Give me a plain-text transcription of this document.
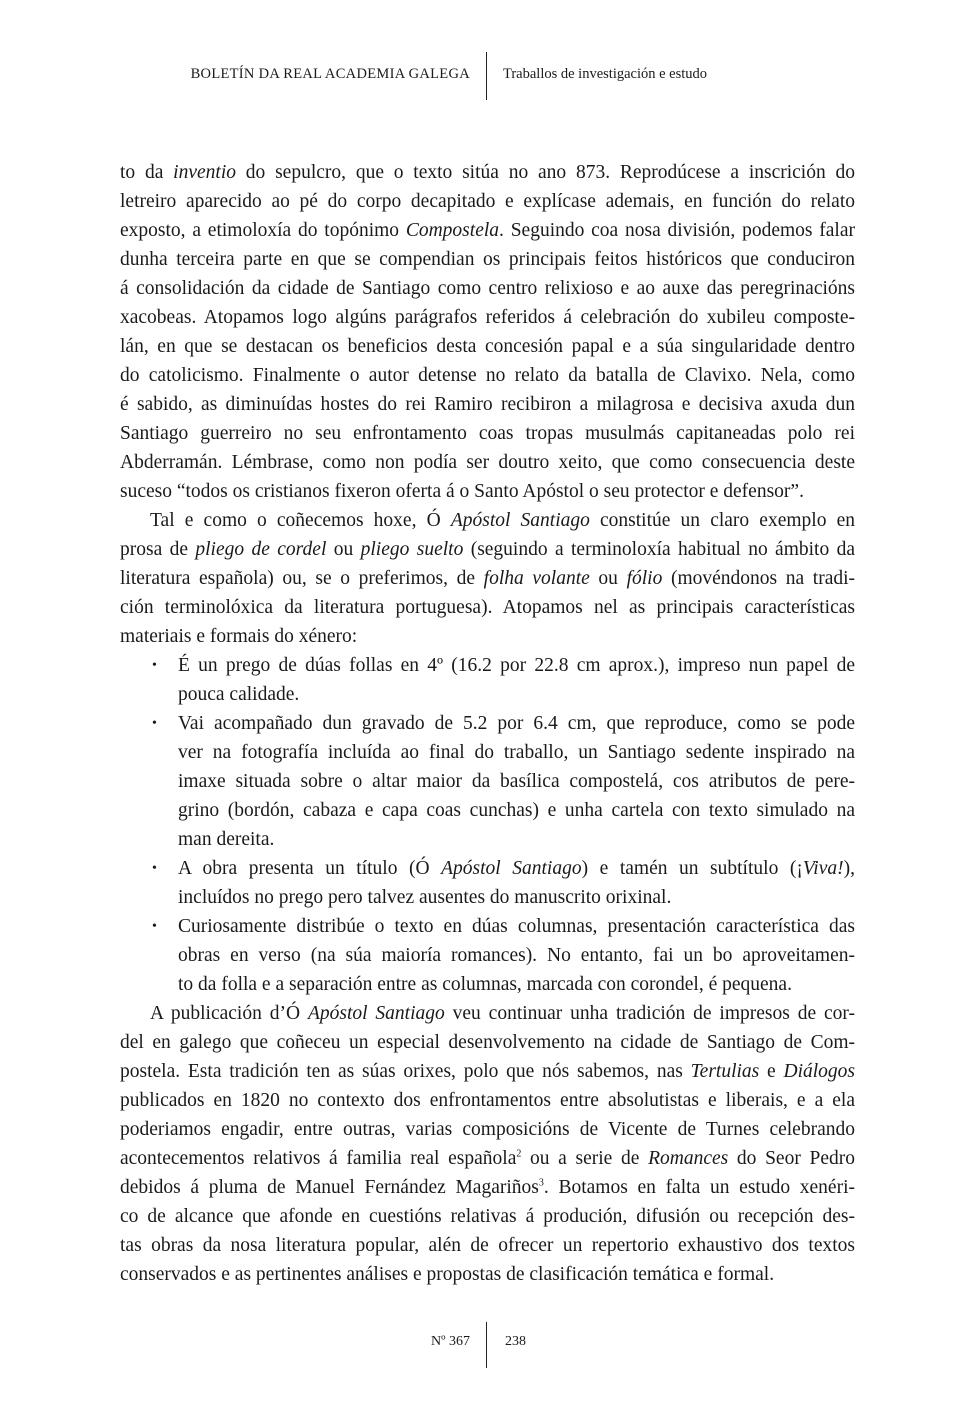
BOLETÍN DA REAL ACADEMIA GALEGA Traballos de investigación e estudo
to da inventio do sepulcro, que o texto sitúa no ano 873. Reprodúcese a inscrición do
letreiro aparecido ao pé do corpo decapitado e explícase ademais, en función do relato
exposto, a etimoloxía do topónimo Compostela. Seguindo coa nosa división, podemos falar
dunha terceira parte en que se compendian os principais feitos históricos que conduciron
á consolidación da cidade de Santiago como centro relixioso e ao auxe das peregrinacións
xacobeas. Atopamos logo algúns parágrafos referidos á celebración do xubileu composte-
lán, en que se destacan os beneficios desta concesión papal e a súa singularidade dentro
do catolicismo. Finalmente o autor detense no relato da batalla de Clavixo. Nela, como
é sabido, as diminuídas hostes do rei Ramiro recibiron a milagrosa e decisiva axuda dun
Santiago guerreiro no seu enfrontamento coas tropas musulmás capitaneadas polo rei
Abderramán. Lémbrase, como non podía ser doutro xeito, que como consecuencia deste
suceso “todos os cristianos fixeron oferta á o Santo Apóstol o seu protector e defensor”.
Tal e como o coñecemos hoxe, Ó Apóstol Santiago constitúe un claro exemplo en
prosa de pliego de cordel ou pliego suelto (seguindo a terminoloxía habitual no ámbito da
literatura española) ou, se o preferimos, de folha volante ou fólio (movéndonos na tradi-
ción terminolóxica da literatura portuguesa). Atopamos nel as principais características
materiais e formais do xénero:
• É un prego de dúas follas en 4º (16.2 por 22.8 cm aprox.), impreso nun papel de
pouca calidade.
• Vai acompañado dun gravado de 5.2 por 6.4 cm, que reproduce, como se pode
ver na fotografía incluída ao final do traballo, un Santiago sedente inspirado na
imaxe situada sobre o altar maior da basílica compostelá, cos atributos de pere-
grino (bordón, cabaza e capa coas cunchas) e unha cartela con texto simulado na
man dereita.
• A obra presenta un título (Ó Apóstol Santiago) e tamén un subtítulo (¡Viva!),
incluídos no prego pero talvez ausentes do manuscrito orixinal.
• Curiosamente distribúe o texto en dúas columnas, presentación característica das
obras en verso (na súa maioría romances). No entanto, fai un bo aproveitamen-
to da folla e a separación entre as columnas, marcada con corondel, é pequena.
A publicación d’Ó Apóstol Santiago veu continuar unha tradición de impresos de cor-
del en galego que coñeceu un especial desenvolvemento na cidade de Santiago de Com-
postela. Esta tradición ten as súas orixes, polo que nós sabemos, nas Tertulias e Diálogos
publicados en 1820 no contexto dos enfrontamentos entre absolutistas e liberais, e a ela
poderiamos engadir, entre outras, varias composicións de Vicente de Turnes celebrando
acontecementos relativos á familia real española$^2$ ou a serie de Romances do Seor Pedro
debidos á pluma de Manuel Fernández Magariños$^3$. Botamos en falta un estudo xenéri-
co de alcance que afonde en cuestións relativas á produción, difusión ou recepción des-
tas obras da nosa literatura popular, alén de ofrecer un repertorio exhaustivo dos textos
conservados e as pertinentes análises e propostas de clasificación temática e formal.
Nº 367	238
